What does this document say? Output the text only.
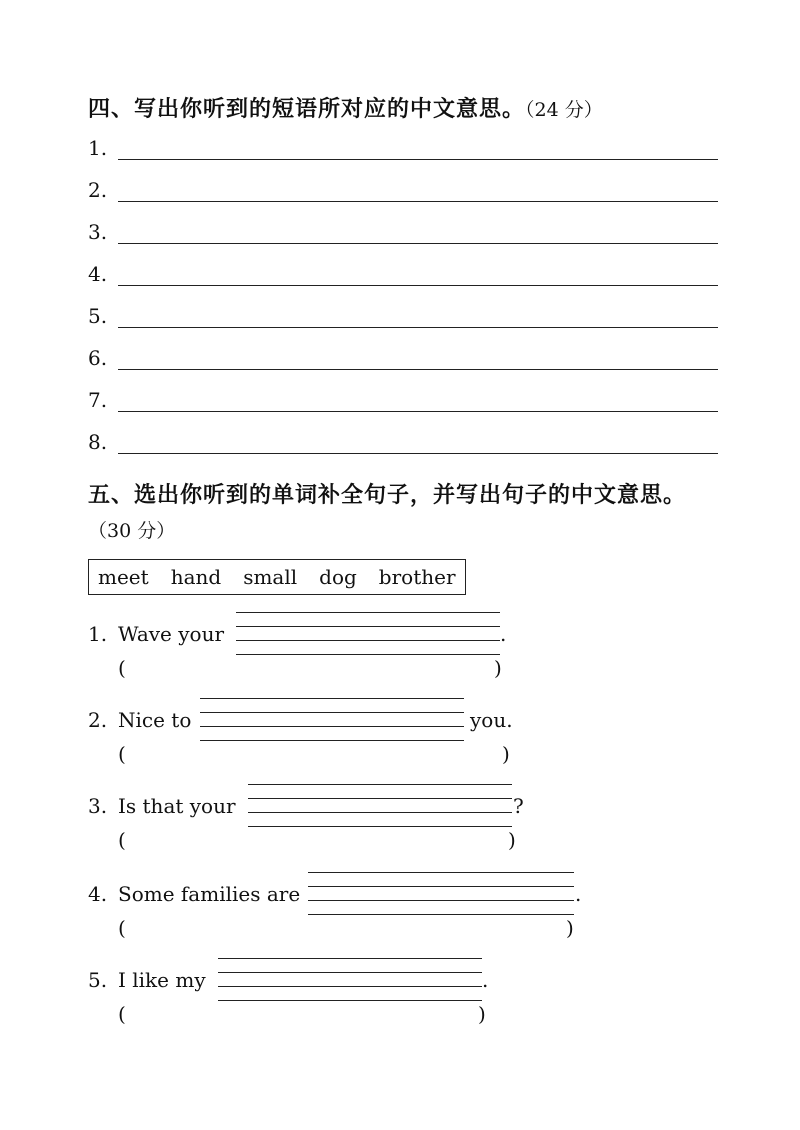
四、写出你听到的短语所对应的中文意思。（24 分）
1.
2.
3.
4.
5.
6.
7.
8.
五、选出你听到的单词补全句子，并写出句子的中文意思。
（30 分）
meet hand small dog brother
1. Wave your	.
(	)
2. Nice to	you.
(	)
3. Is that your	?
(	)
4. Some families are	.
(	)
5. I like my	.
(	)
